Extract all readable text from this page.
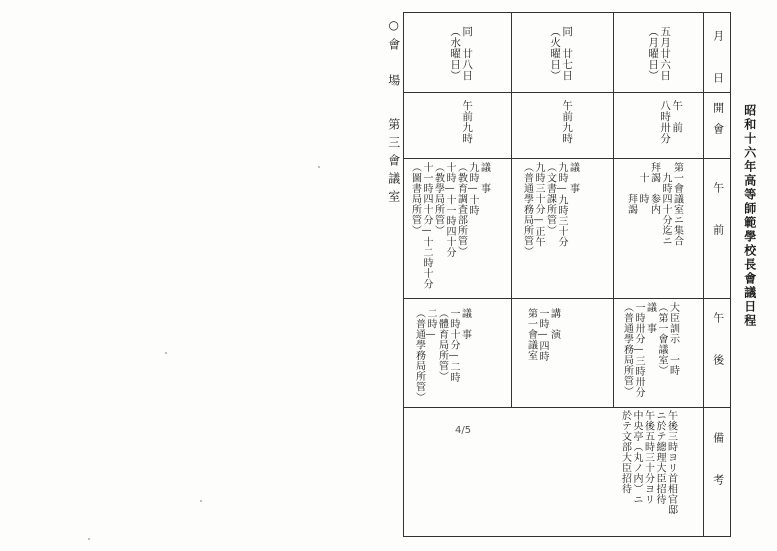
昭和十六年高等師範學校長會議日程
○會　場
第三會議室
月　日
開會
午　前
午　後
備　考
五月廿六日
（月曜日）
午　前
八時卅分
第一會議室ニ集合
　九時四十分迄ニ
拜謁　参内
　十　時
　　　拜謁
大臣訓示　一時
（第一會議室）
議　事
一時卅分—三時卅分
（普通學務局所管）
午後三時ヨリ首相官邸
ニ於テ總理大臣招待
午後五時三十分ヨリ
中央亭（丸ノ内）ニ
於テ文部大臣招待
同　廿七日
（火曜日）
午前九時
議　事
九時—九時三十分
（文書課所管）
九時三十分—正午
（普通學務局所管）
講　演
一時—四時
第一會議室
同　廿八日
（水曜日）
午前九時
議　事
九時—十時
（教育調査部所管）
十時—十一時四十分
（教學局所管）
十一時四十分—十二時十分
（圖書局所管）
議　事
一時十分—二時
（體育局所管）
二時—
（普通學務局所管）
4/5
